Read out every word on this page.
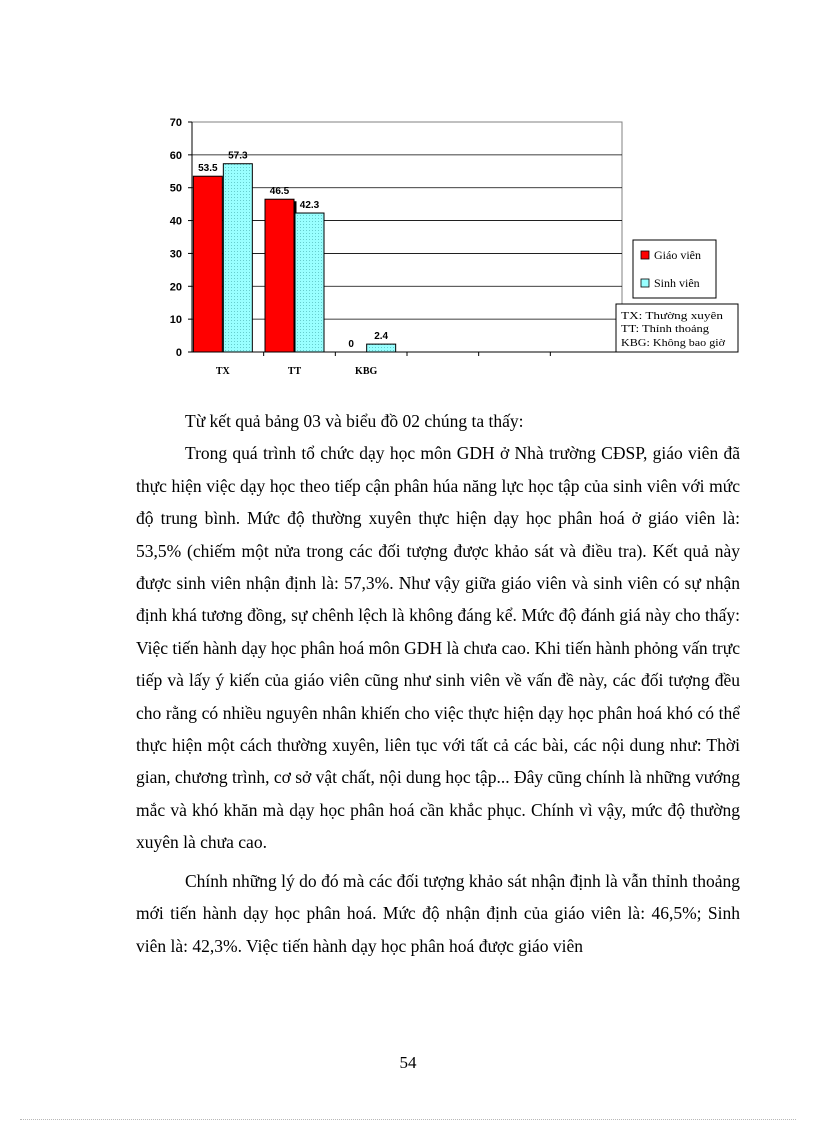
0
10
20
30
40
50
60
70
53.5
57.3
46.5
42.3
0
2.4
TX	TT	KBG
Giáo viên
Sinh viên
TX: Thường xuyên
TT: Thỉnh thoảng
KBG: Không bao giờ

Từ kết quả bảng 03 và biểu đồ 02 chúng ta thấy:

Trong quá trình tổ chức dạy học môn GDH ở Nhà trường CĐSP, giáo viên đã thực hiện việc dạy học theo tiếp cận phân húa năng lực học tập của sinh viên với mức độ trung bình. Mức độ thường xuyên thực hiện dạy học phân hoá ở giáo viên là: 53,5% (chiếm một nửa trong các đối tượng được khảo sát và điều tra). Kết quả này được sinh viên nhận định là: 57,3%. Như vậy giữa giáo viên và sinh viên có sự nhận định khá tương đồng, sự chênh lệch là không đáng kể. Mức độ đánh giá này cho thấy: Việc tiến hành dạy học phân hoá môn GDH là chưa cao. Khi tiến hành phỏng vấn trực tiếp và lấy ý kiến của giáo viên cũng như sinh viên về vấn đề này, các đối tượng đều cho rằng có nhiều nguyên nhân khiến cho việc thực hiện dạy học phân hoá khó có thể thực hiện một cách thường xuyên, liên tục với tất cả các bài, các nội dung như: Thời gian, chương trình, cơ sở vật chất, nội dung học tập... Đây cũng chính là những vướng mắc và khó khăn mà dạy học phân hoá cần khắc phục. Chính vì vậy, mức độ thường xuyên là chưa cao.

Chính những lý do đó mà các đối tượng khảo sát nhận định là vẫn thỉnh thoảng mới tiến hành dạy học phân hoá. Mức độ nhận định của giáo viên là: 46,5%; Sinh viên là: 42,3%. Việc tiến hành dạy học phân hoá được giáo viên

54
